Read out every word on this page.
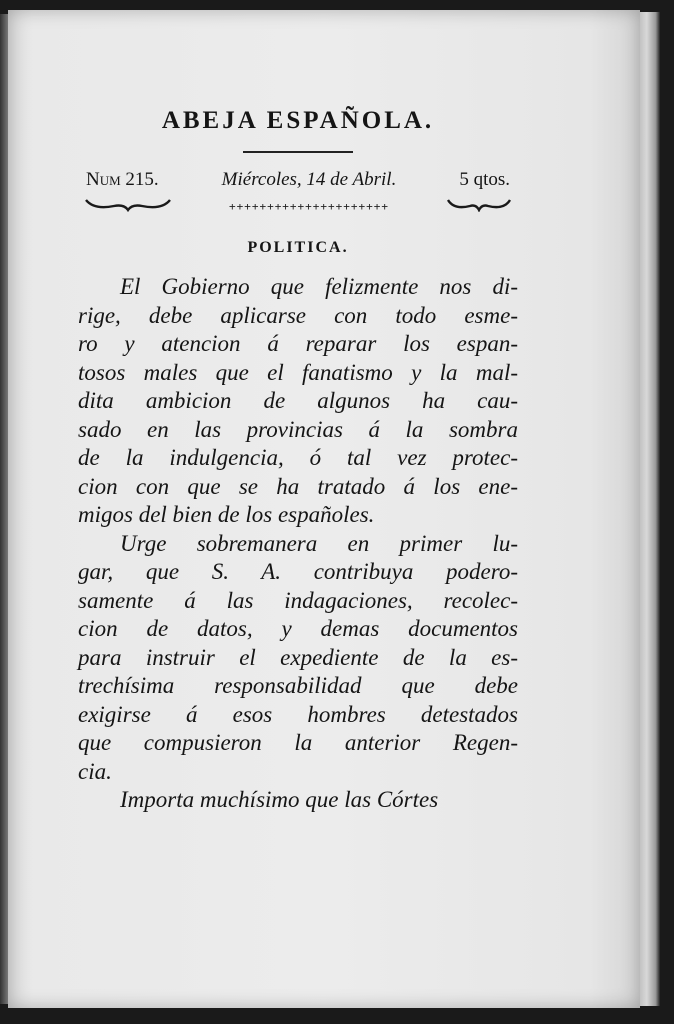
ABEJA ESPAÑOLA.
Num 215.	Miércoles, 14 de Abril.	5 qtos.
+++++++++++++++++++++
POLITICA.
El Gobierno que felizmente nos di-
rige, debe aplicarse con todo esme-
ro y atencion á reparar los espan-
tosos males que el fanatismo y la mal-
dita ambicion de algunos ha cau-
sado en las provincias á la sombra
de la indulgencia, ó tal vez protec-
cion con que se ha tratado á los ene-
migos del bien de los españoles.
Urge sobremanera en primer lu-
gar, que S. A. contribuya podero-
samente á las indagaciones, recolec-
cion de datos, y demas documentos
para instruir el expediente de la es-
trechísima responsabilidad que debe
exigirse á esos hombres detestados
que compusieron la anterior Regen-
cia.
Importa muchísimo que las Córtes
